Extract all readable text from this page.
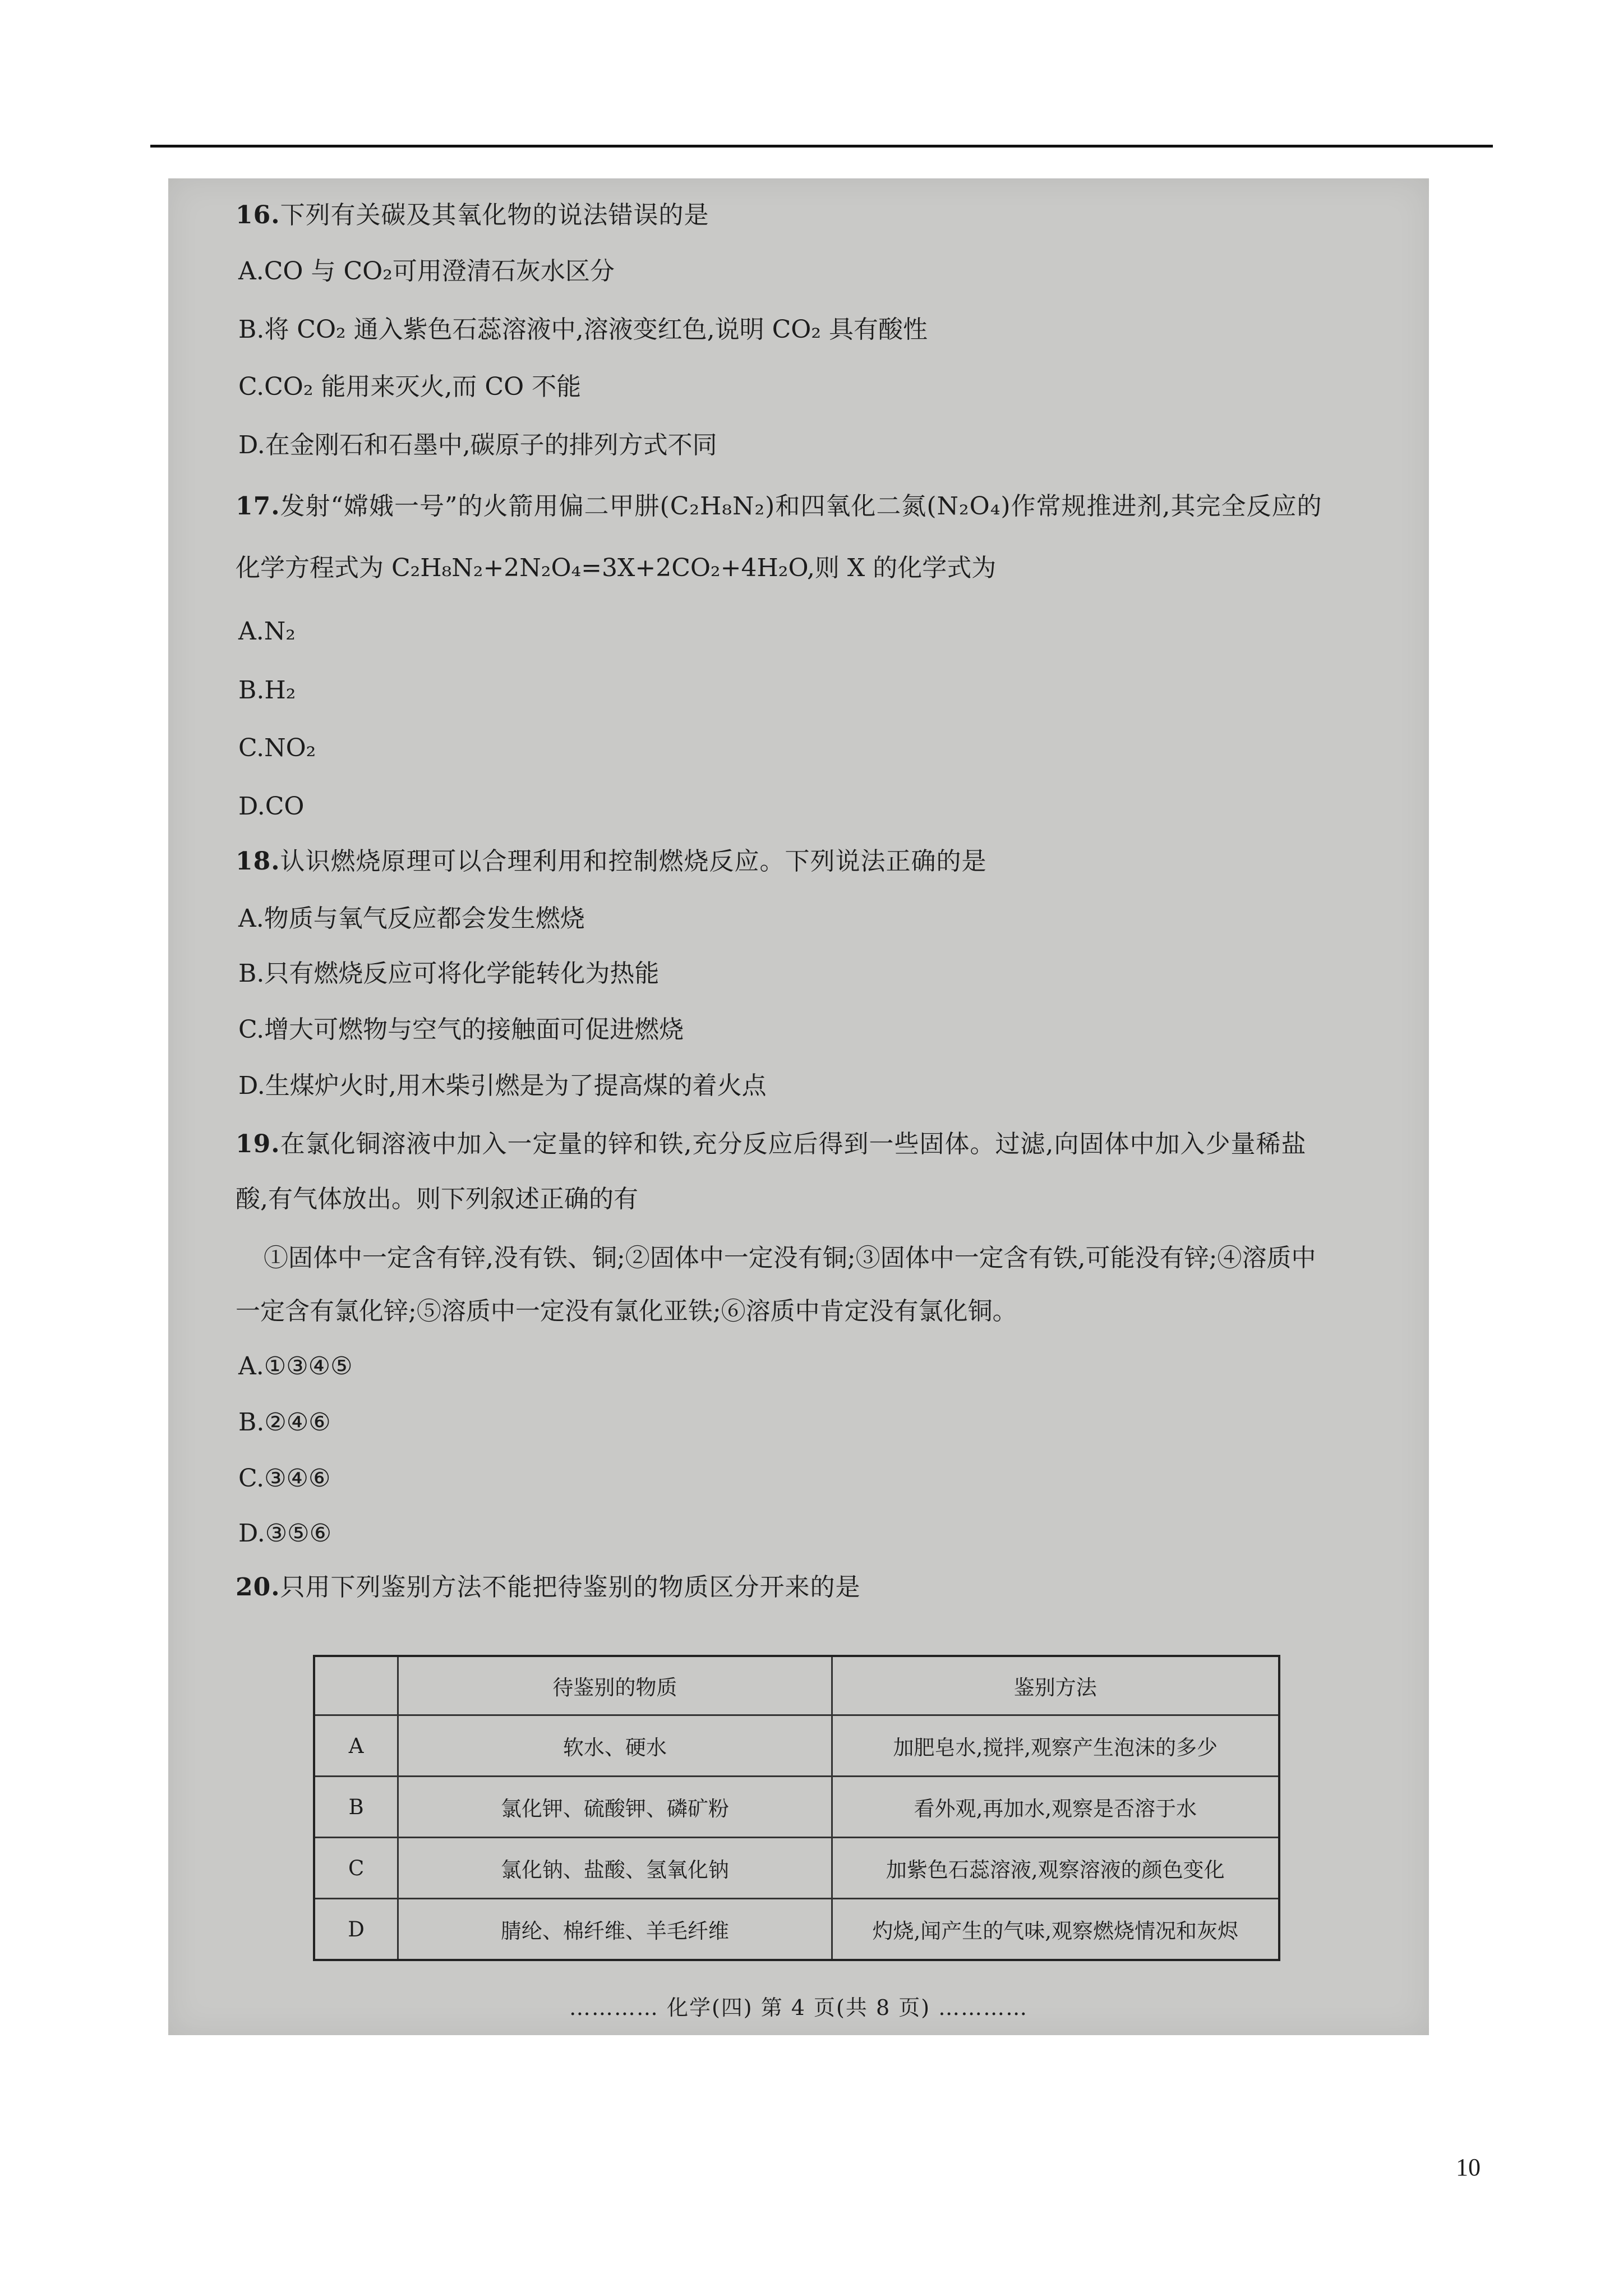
16.下列有关碳及其氧化物的说法错误的是
A.CO 与 CO₂可用澄清石灰水区分
B.将 CO₂ 通入紫色石蕊溶液中,溶液变红色,说明 CO₂ 具有酸性
C.CO₂ 能用来灭火,而 CO 不能
D.在金刚石和石墨中,碳原子的排列方式不同
17.发射“嫦娥一号”的火箭用偏二甲肼(C₂H₈N₂)和四氧化二氮(N₂O₄)作常规推进剂,其完全反应的
化学方程式为 C₂H₈N₂+2N₂O₄=3X+2CO₂+4H₂O,则 X 的化学式为
A.N₂
B.H₂
C.NO₂
D.CO
18.认识燃烧原理可以合理利用和控制燃烧反应。下列说法正确的是
A.物质与氧气反应都会发生燃烧
B.只有燃烧反应可将化学能转化为热能
C.增大可燃物与空气的接触面可促进燃烧
D.生煤炉火时,用木柴引燃是为了提高煤的着火点
19.在氯化铜溶液中加入一定量的锌和铁,充分反应后得到一些固体。过滤,向固体中加入少量稀盐
酸,有气体放出。则下列叙述正确的有
①固体中一定含有锌,没有铁、铜;②固体中一定没有铜;③固体中一定含有铁,可能没有锌;④溶质中
一定含有氯化锌;⑤溶质中一定没有氯化亚铁;⑥溶质中肯定没有氯化铜。
A.①③④⑤
B.②④⑥
C.③④⑥
D.③⑤⑥
20.只用下列鉴别方法不能把待鉴别的物质区分开来的是
	待鉴别的物质	鉴别方法
A	软水、硬水	加肥皂水,搅拌,观察产生泡沫的多少
B	氯化钾、硫酸钾、磷矿粉	看外观,再加水,观察是否溶于水
C	氯化钠、盐酸、氢氧化钠	加紫色石蕊溶液,观察溶液的颜色变化
D	腈纶、棉纤维、羊毛纤维	灼烧,闻产生的气味,观察燃烧情况和灰烬
………… 化学(四) 第 4 页(共 8 页) …………
10
